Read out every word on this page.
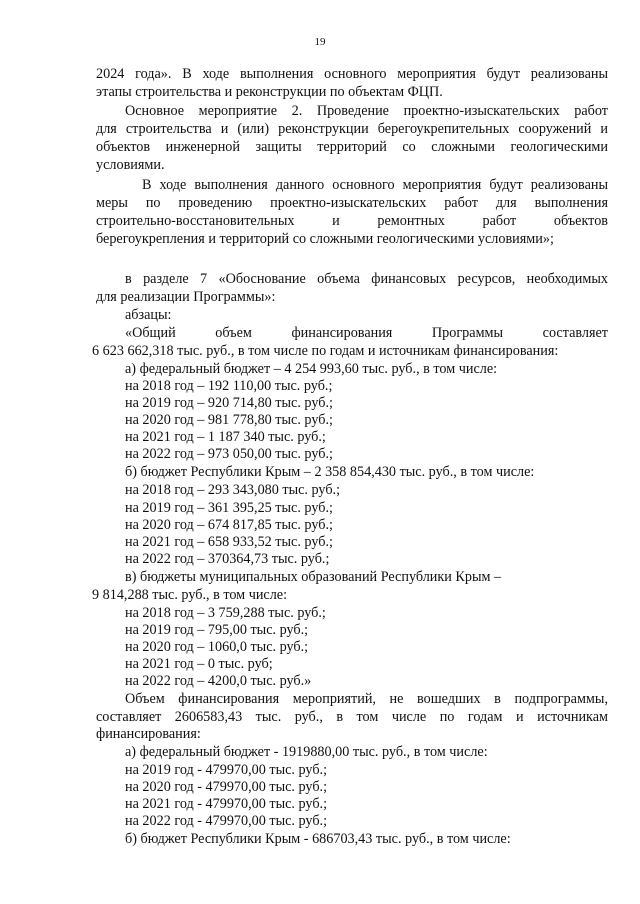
19
2024 года». В ходе выполнения основного мероприятия будут реализованы
этапы строительства и реконструкции по объектам ФЦП.
Основное мероприятие 2. Проведение проектно-изыскательских работ
для строительства и (или) реконструкции берегоукрепительных сооружений и
объектов инженерной защиты территорий со сложными геологическими
условиями.
В ходе выполнения данного основного мероприятия будут реализованы
меры по проведению проектно-изыскательских работ для выполнения
строительно-восстановительных и ремонтных работ объектов
берегоукрепления и территорий со сложными геологическими условиями»;
в разделе 7 «Обоснование объема финансовых ресурсов, необходимых
для реализации Программы»:
абзацы:
«Общий объем финансирования Программы составляет
6 623 662,318 тыс. руб., в том числе по годам и источникам финансирования:
а) федеральный бюджет – 4 254 993,60 тыс. руб., в том числе:
на 2018 год – 192 110,00 тыс. руб.;
на 2019 год – 920 714,80 тыс. руб.;
на 2020 год – 981 778,80 тыс. руб.;
на 2021 год – 1 187 340 тыс. руб.;
на 2022 год – 973 050,00 тыс. руб.;
б) бюджет Республики Крым – 2 358 854,430 тыс. руб., в том числе:
на 2018 год – 293 343,080 тыс. руб.;
на 2019 год – 361 395,25 тыс. руб.;
на 2020 год – 674 817,85 тыс. руб.;
на 2021 год – 658 933,52 тыс. руб.;
на 2022 год – 370364,73 тыс. руб.;
в) бюджеты муниципальных образований Республики Крым –
9 814,288 тыс. руб., в том числе:
на 2018 год – 3 759,288 тыс. руб.;
на 2019 год – 795,00 тыс. руб.;
на 2020 год – 1060,0 тыс. руб.;
на 2021 год – 0 тыс. руб;
на 2022 год – 4200,0 тыс. руб.»
Объем финансирования мероприятий, не вошедших в подпрограммы,
составляет 2606583,43 тыс. руб., в том числе по годам и источникам
финансирования:
а) федеральный бюджет - 1919880,00 тыс. руб., в том числе:
на 2019 год - 479970,00 тыс. руб.;
на 2020 год - 479970,00 тыс. руб.;
на 2021 год - 479970,00 тыс. руб.;
на 2022 год - 479970,00 тыс. руб.;
б) бюджет Республики Крым - 686703,43 тыс. руб., в том числе:
